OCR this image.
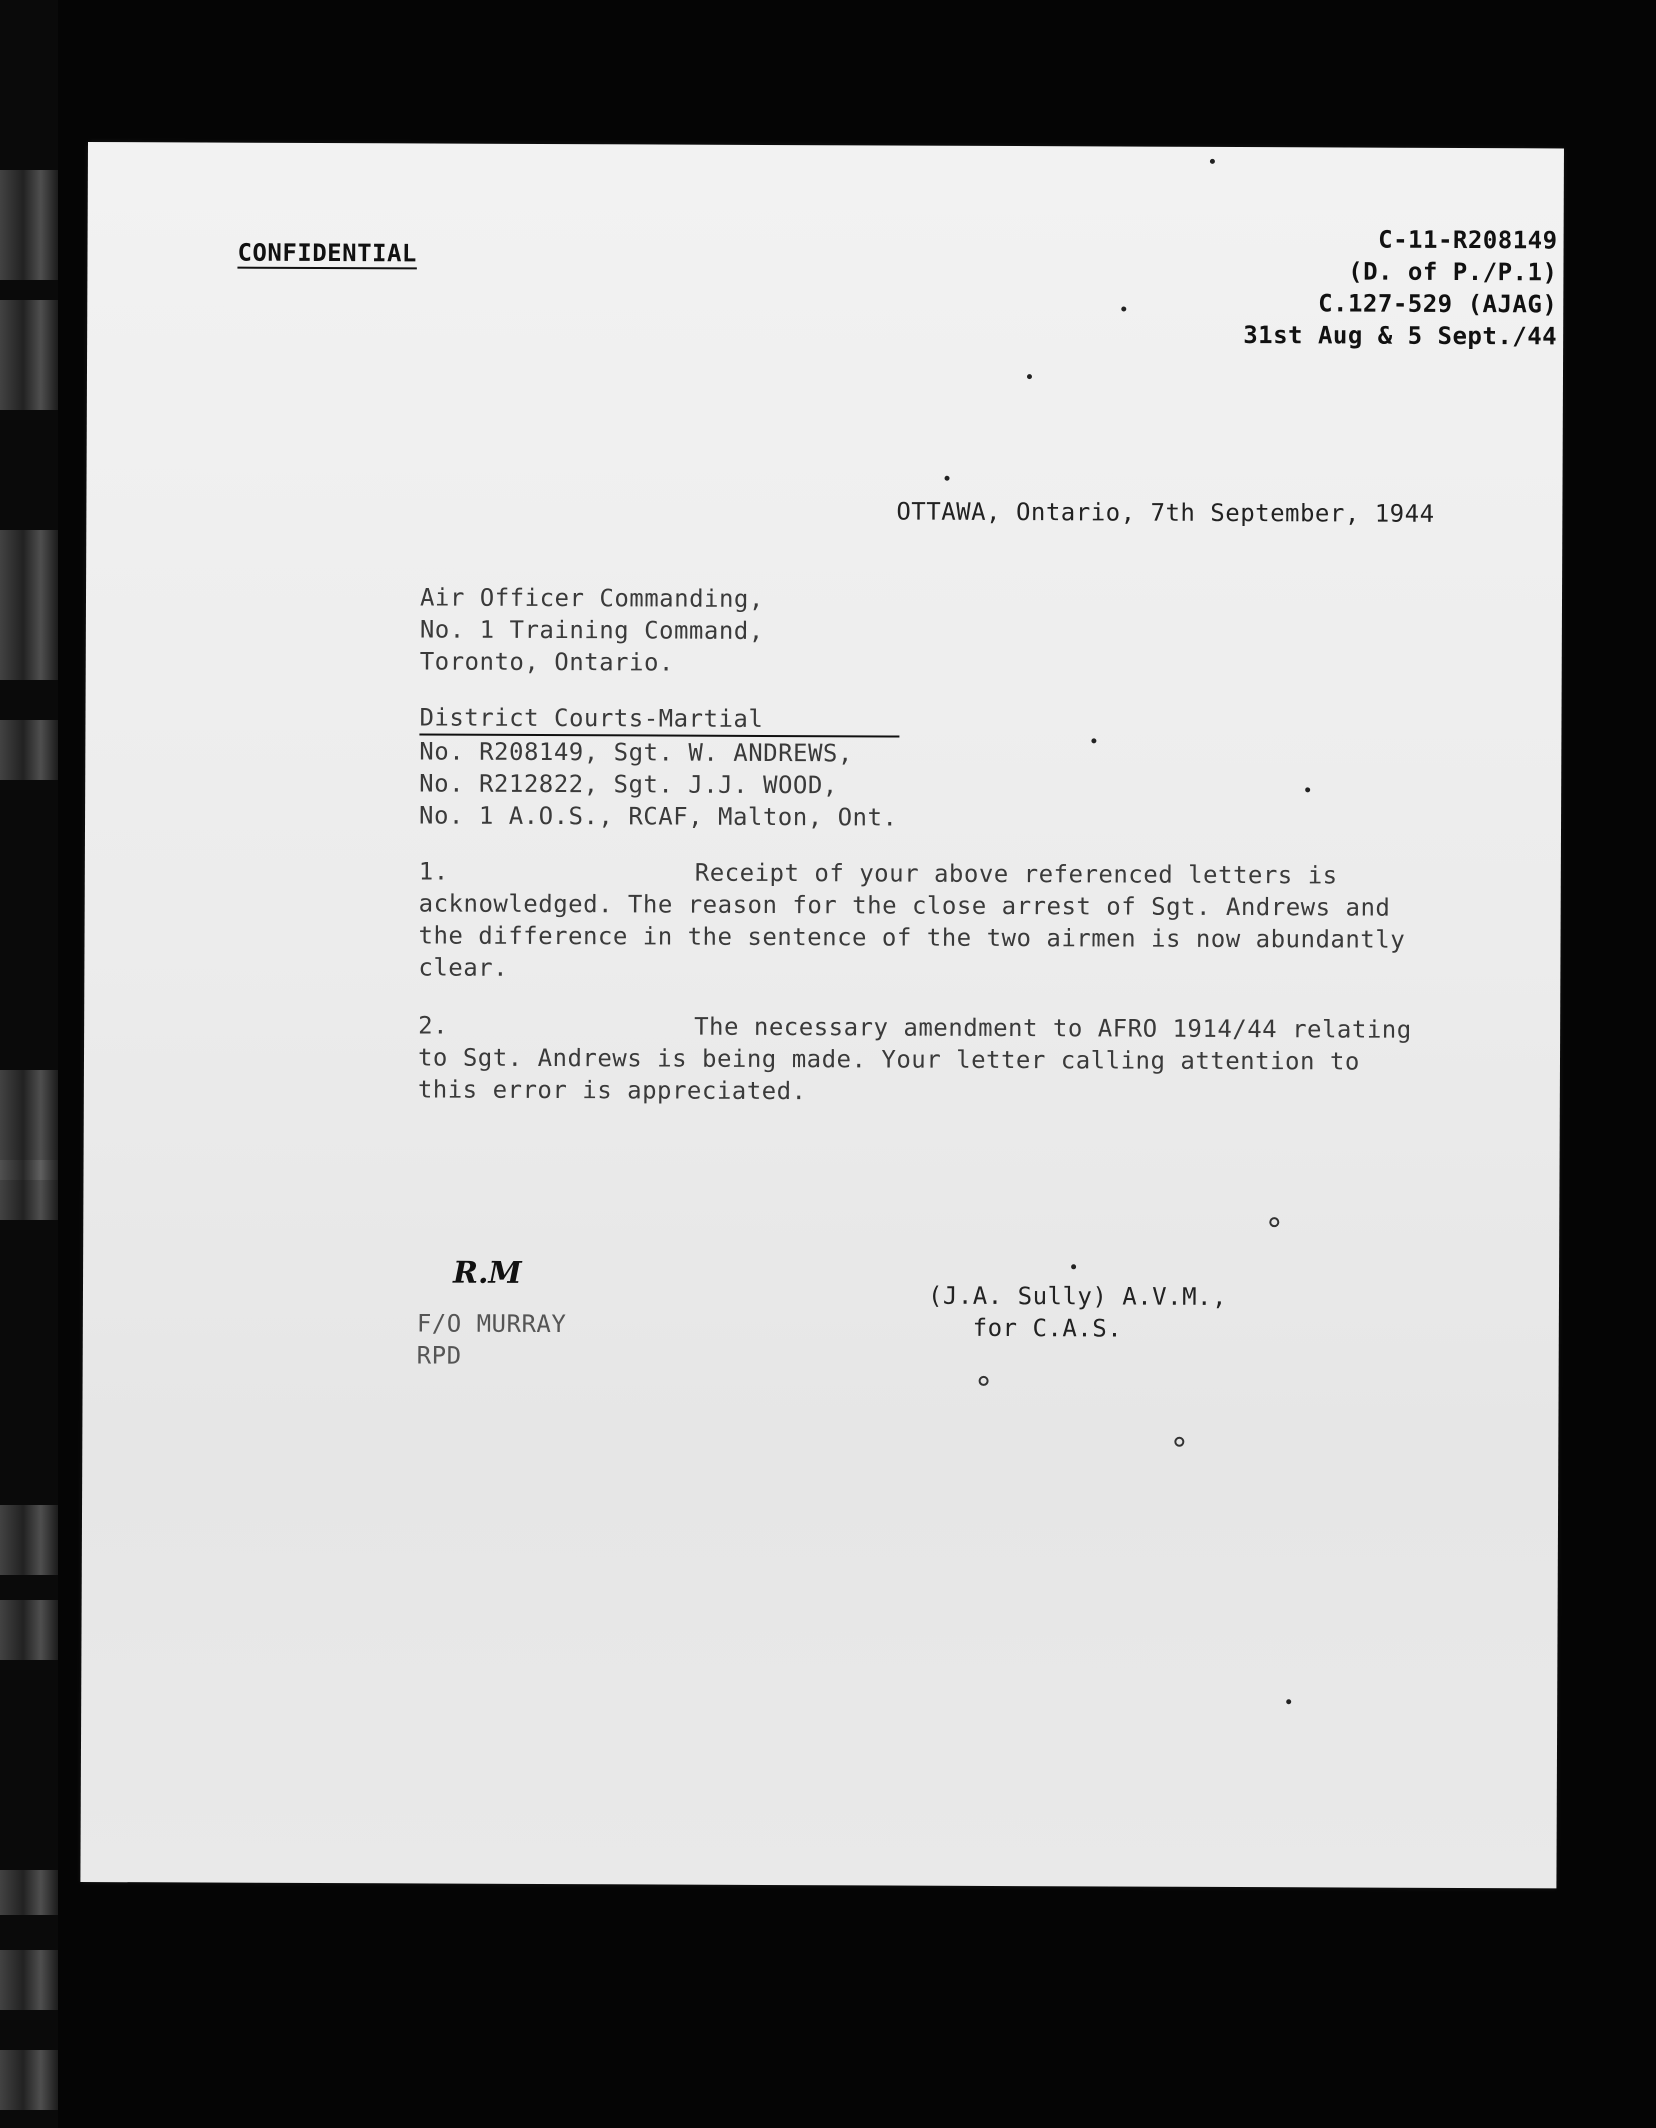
CONFIDENTIAL	C-11-R208149
(D. of P./P.1)
C.127-529 (AJAG)
31st Aug & 5 Sept./44
OTTAWA, Ontario, 7th September, 1944
Air Officer Commanding,
No. 1 Training Command,
Toronto, Ontario.
District Courts-Martial
No. R208149, Sgt. W. ANDREWS,
No. R212822, Sgt. J.J. WOOD,
No. 1 A.O.S., RCAF, Malton, Ont.
1.	Receipt of your above referenced letters is acknowledged. The reason for the close arrest of Sgt. Andrews and the difference in the sentence of the two airmen is now abundantly clear.
2.	The necessary amendment to AFRO 1914/44 relating to Sgt. Andrews is being made. Your letter calling attention to this error is appreciated.
R.M
F/O MURRAY
RPD
(J.A. Sully) A.V.M.,
for C.A.S.
